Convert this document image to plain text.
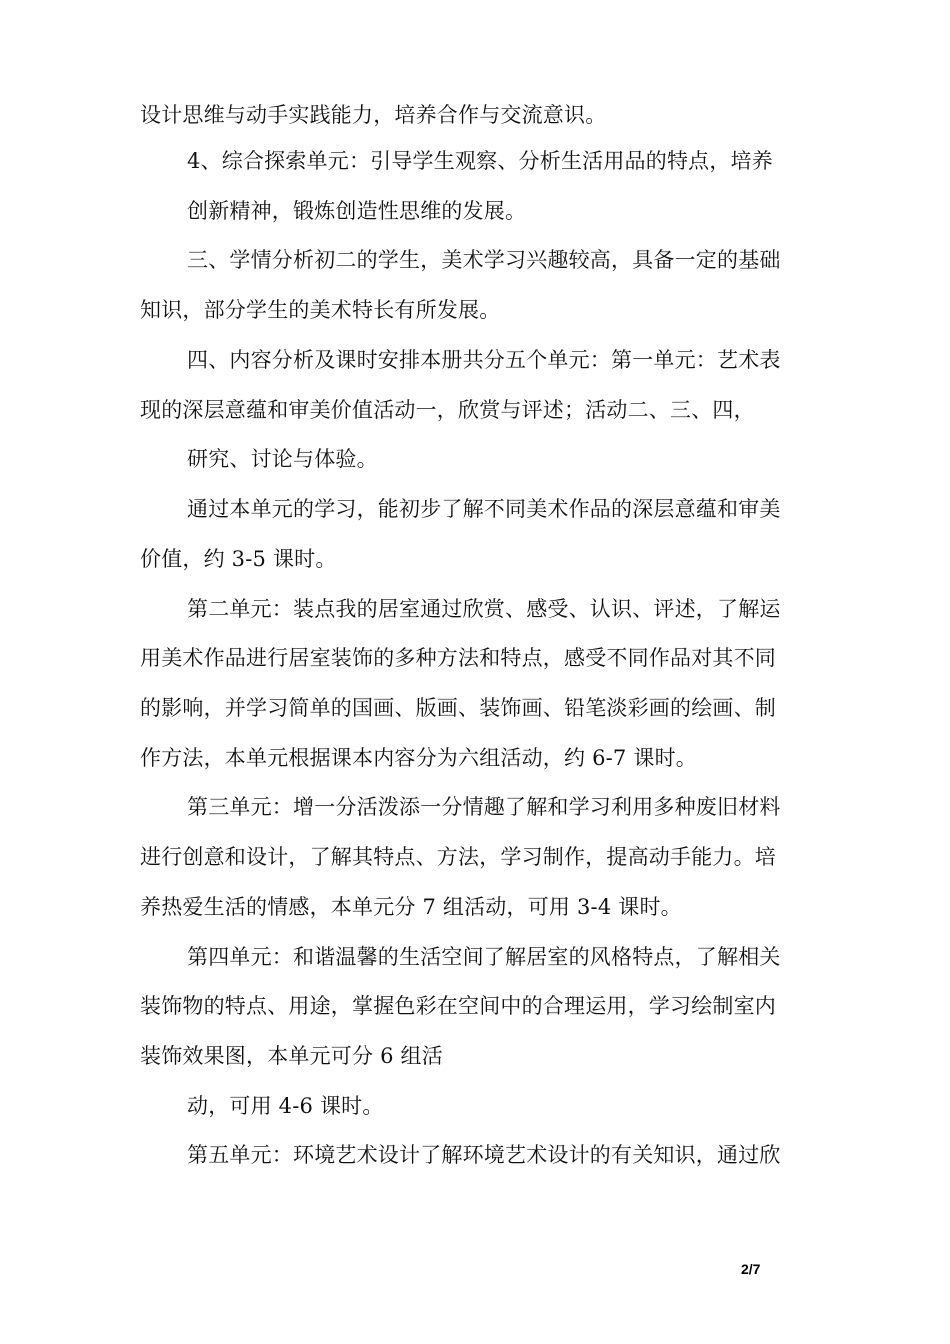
设计思维与动手实践能力，培养合作与交流意识。
4、综合探索单元：引导学生观察、分析生活用品的特点，培养
创新精神，锻炼创造性思维的发展。
三、学情分析初二的学生，美术学习兴趣较高，具备一定的基础
知识，部分学生的美术特长有所发展。
四、内容分析及课时安排本册共分五个单元：第一单元：艺术表
现的深层意蕴和审美价值活动一，欣赏与评述；活动二、三、四，
研究、讨论与体验。
通过本单元的学习，能初步了解不同美术作品的深层意蕴和审美
价值，约 3-5 课时。
第二单元：装点我的居室通过欣赏、感受、认识、评述，了解运
用美术作品进行居室装饰的多种方法和特点，感受不同作品对其不同
的影响，并学习简单的国画、版画、装饰画、铅笔淡彩画的绘画、制
作方法，本单元根据课本内容分为六组活动，约 6-7 课时。
第三单元：增一分活泼添一分情趣了解和学习利用多种废旧材料
进行创意和设计，了解其特点、方法，学习制作，提高动手能力。培
养热爱生活的情感，本单元分 7 组活动，可用 3-4 课时。
第四单元：和谐温馨的生活空间了解居室的风格特点，了解相关
装饰物的特点、用途，掌握色彩在空间中的合理运用，学习绘制室内
装饰效果图，本单元可分 6 组活
动，可用 4-6 课时。
第五单元：环境艺术设计了解环境艺术设计的有关知识，通过欣
2/7
